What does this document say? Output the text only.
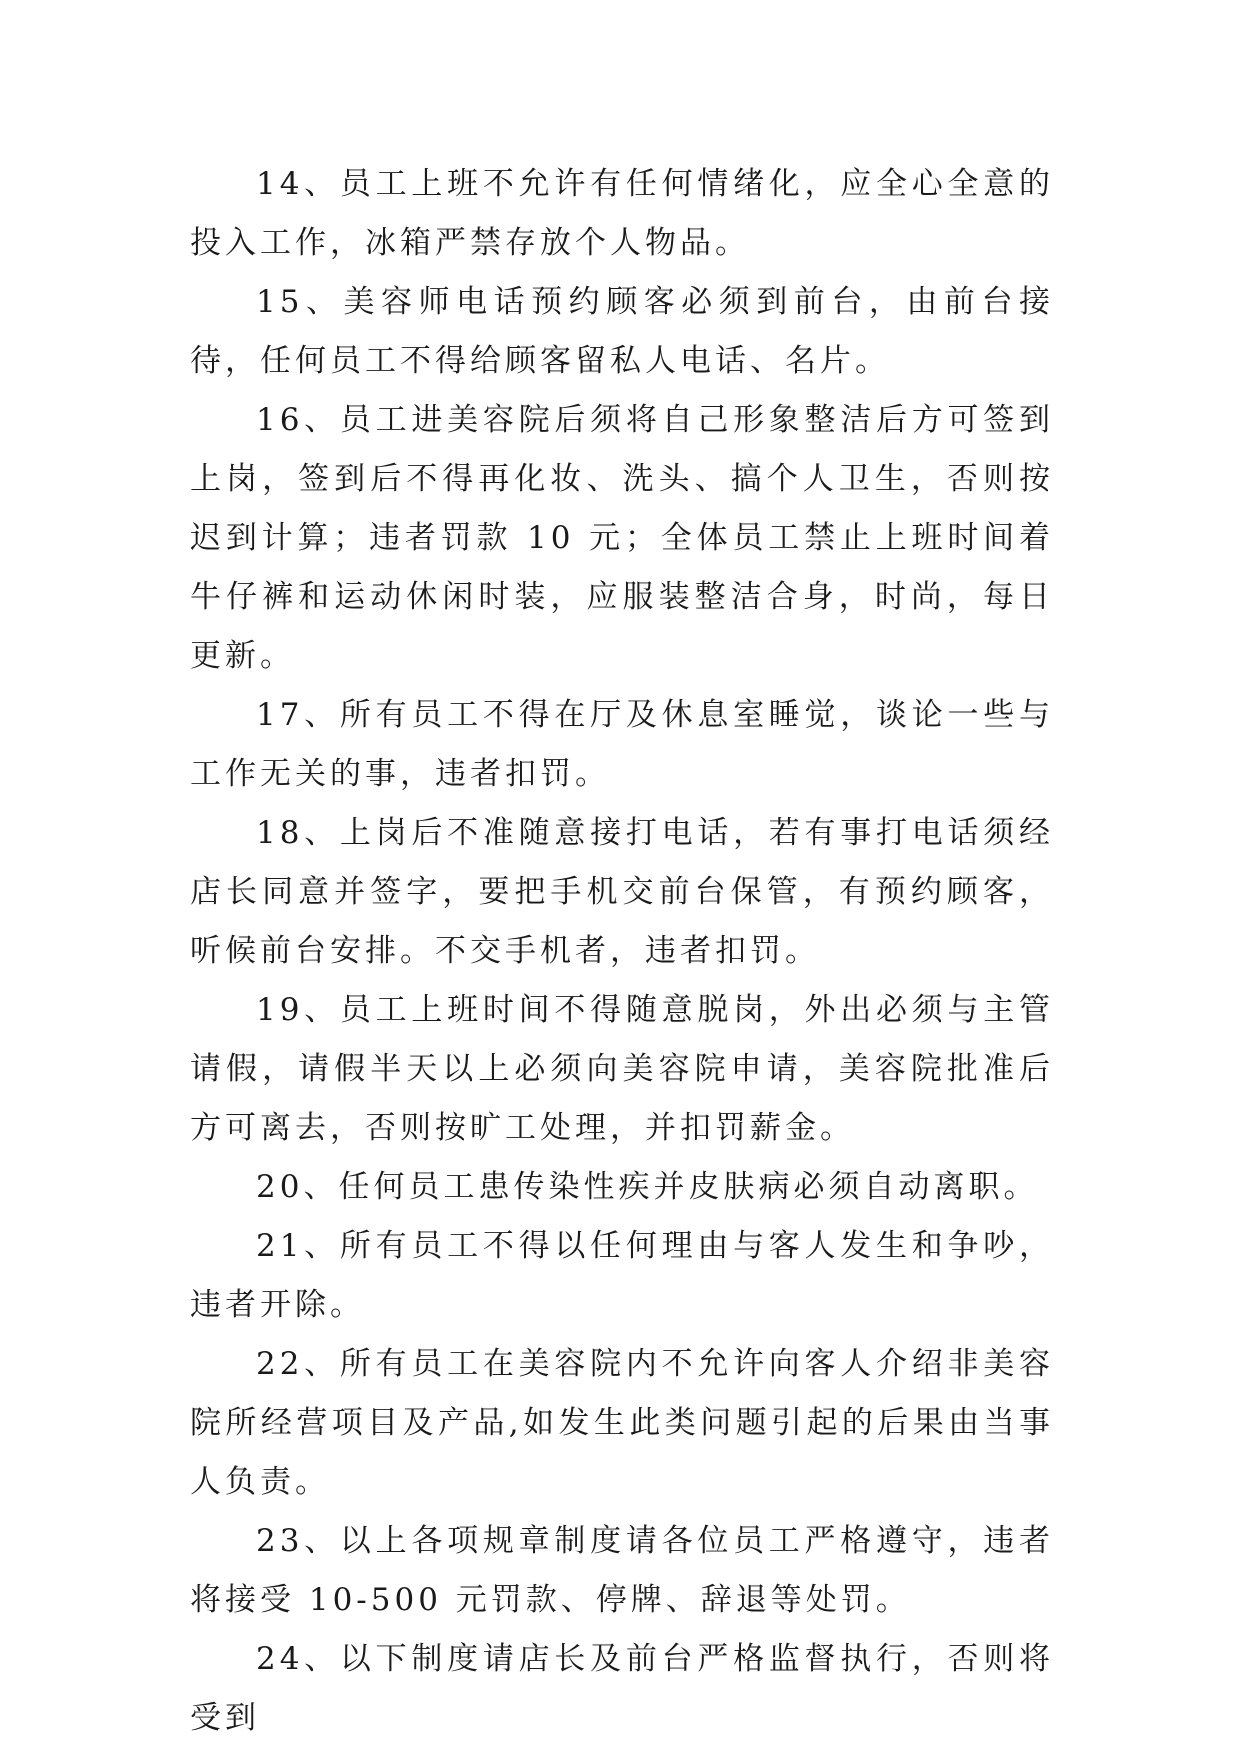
14、员工上班不允许有任何情绪化，应全心全意的投入工作，冰箱严禁存放个人物品。

15、美容师电话预约顾客必须到前台，由前台接待，任何员工不得给顾客留私人电话、名片。

16、员工进美容院后须将自己形象整洁后方可签到上岗，签到后不得再化妆、洗头、搞个人卫生，否则按迟到计算；违者罚款 10 元；全体员工禁止上班时间着牛仔裤和运动休闲时装，应服装整洁合身，时尚，每日更新。

17、所有员工不得在厅及休息室睡觉，谈论一些与工作无关的事，违者扣罚。

18、上岗后不准随意接打电话，若有事打电话须经店长同意并签字，要把手机交前台保管，有预约顾客，听候前台安排。不交手机者，违者扣罚。

19、员工上班时间不得随意脱岗，外出必须与主管请假，请假半天以上必须向美容院申请，美容院批准后方可离去，否则按旷工处理，并扣罚薪金。

20、任何员工患传染性疾并皮肤病必须自动离职。

21、所有员工不得以任何理由与客人发生和争吵，违者开除。

22、所有员工在美容院内不允许向客人介绍非美容院所经营项目及产品,如发生此类问题引起的后果由当事人负责。

23、以上各项规章制度请各位员工严格遵守，违者将接受 10-500 元罚款、停牌、辞退等处罚。

24、以下制度请店长及前台严格监督执行，否则将受到
